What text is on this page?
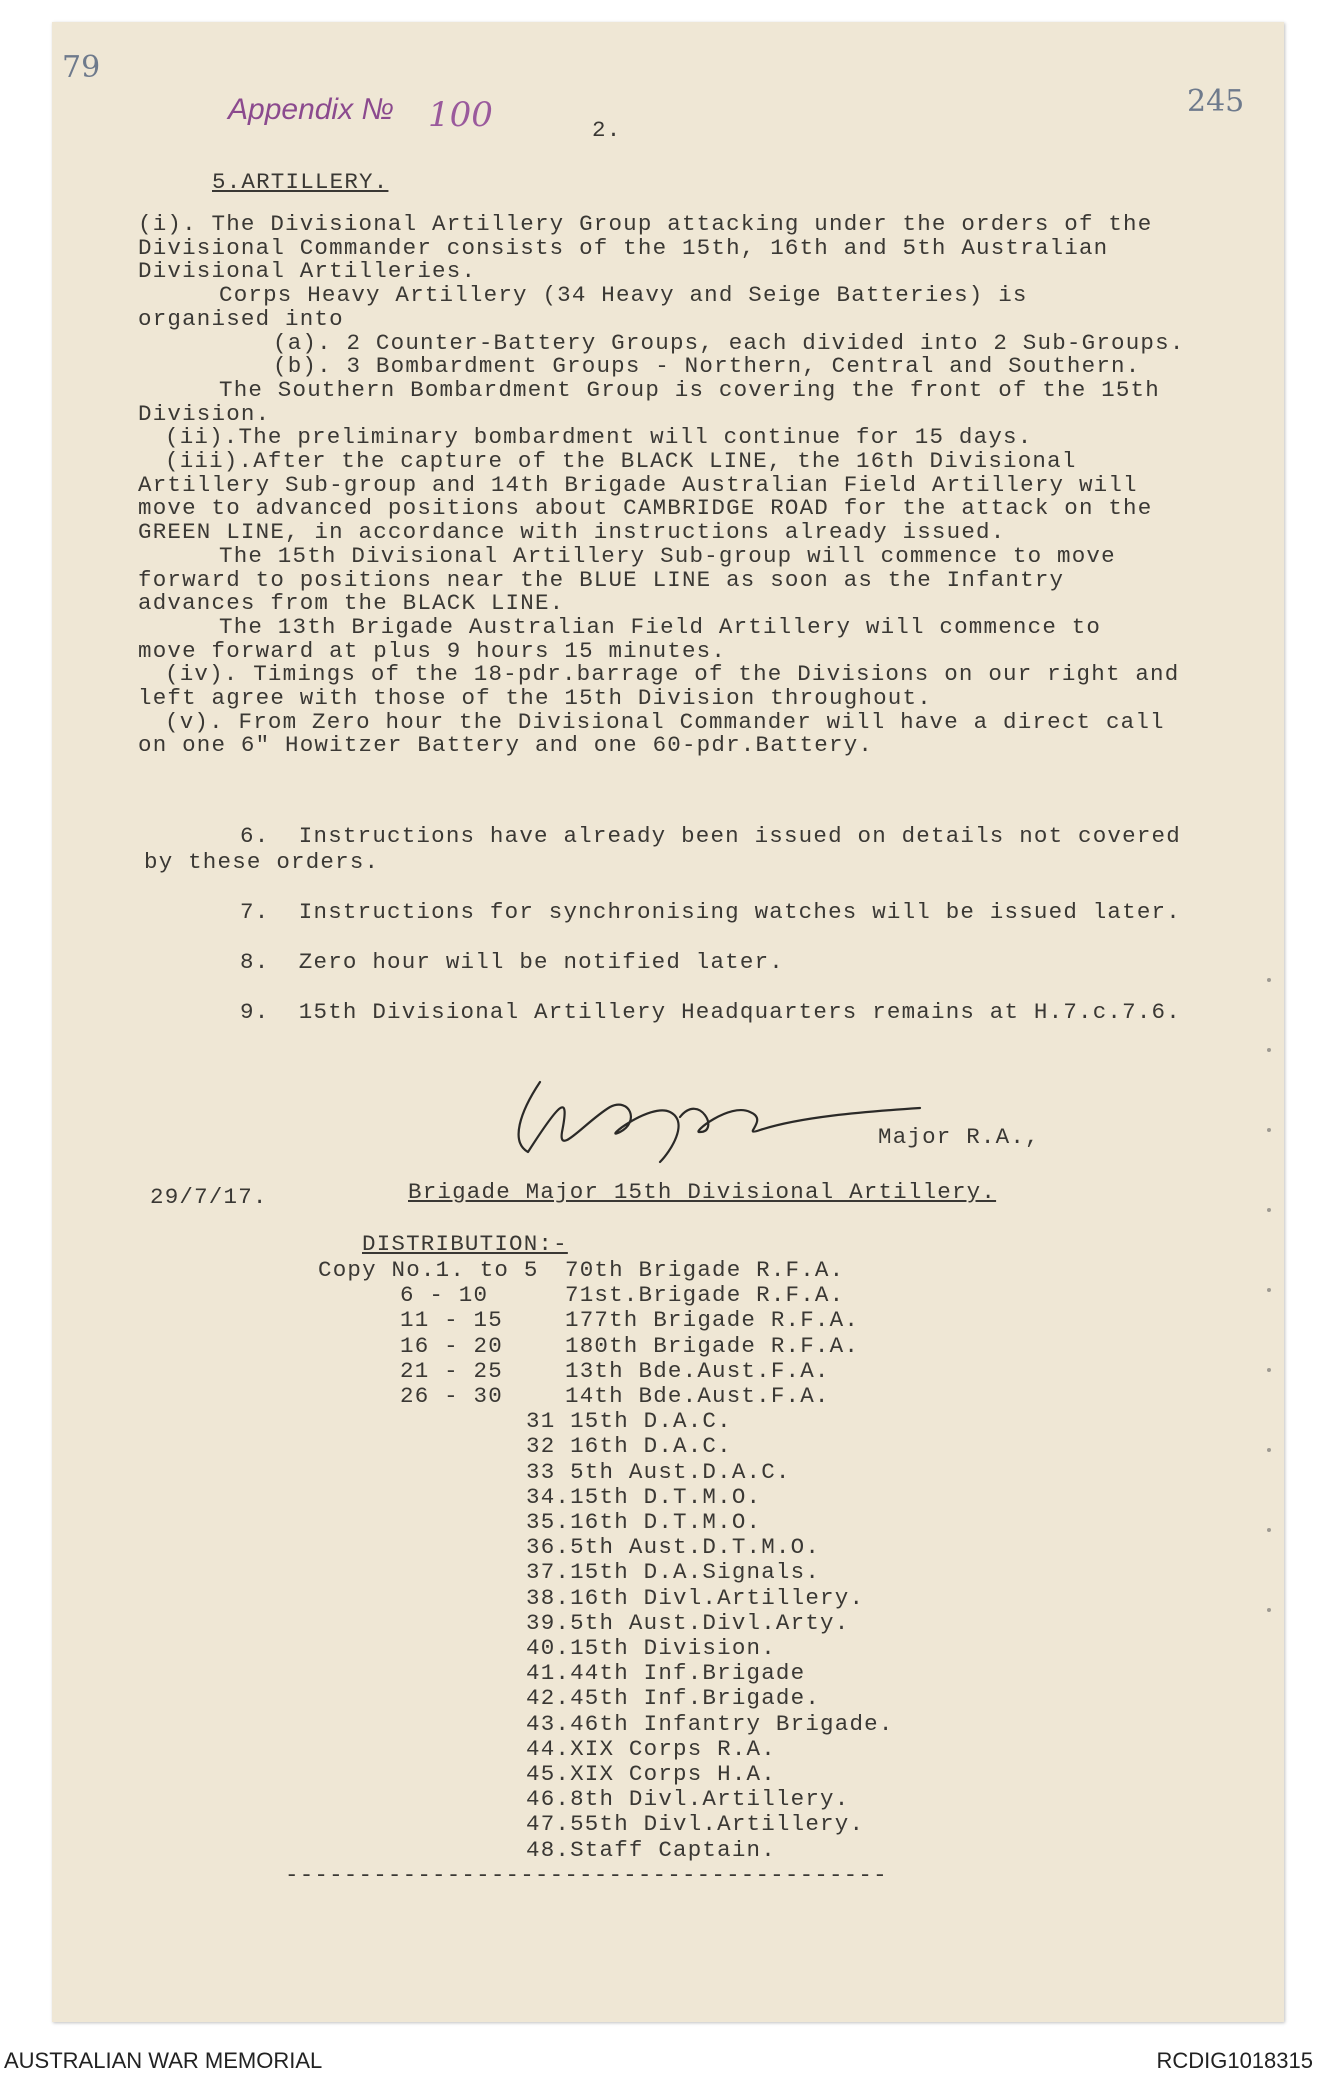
79
245
Appendix № 100	2.
5.ARTILLERY.
(i). The Divisional Artillery Group attacking under the orders of the
Divisional Commander consists of the 15th, 16th and 5th Australian
Divisional Artilleries.
Corps Heavy Artillery (34 Heavy and Seige Batteries) is
organised into
(a). 2 Counter-Battery Groups, each divided into 2 Sub-Groups.
(b). 3 Bombardment Groups - Northern, Central and Southern.
The Southern Bombardment Group is covering the front of the 15th
Division.
(ii).The preliminary bombardment will continue for 15 days.
(iii).After the capture of the BLACK LINE, the 16th Divisional
Artillery Sub-group and 14th Brigade Australian Field Artillery will
move to advanced positions about CAMBRIDGE ROAD for the attack on the
GREEN LINE, in accordance with instructions already issued.
The 15th Divisional Artillery Sub-group will commence to move
forward to positions near the BLUE LINE as soon as the Infantry
advances from the BLACK LINE.
The 13th Brigade Australian Field Artillery will commence to
move forward at plus 9 hours 15 minutes.
(iv). Timings of the 18-pdr.barrage of the Divisions on our right and
left agree with those of the 15th Division throughout.
(v). From Zero hour the Divisional Commander will have a direct call
on one 6" Howitzer Battery and one 60-pdr.Battery.
6.  Instructions have already been issued on details not covered
by these orders.
7.  Instructions for synchronising watches will be issued later.
8.  Zero hour will be notified later.
9.  15th Divisional Artillery Headquarters remains at H.7.c.7.6.
Major R.A.,
29/7/17.	Brigade Major 15th Divisional Artillery.
DISTRIBUTION:-
Copy No.1. to 5 70th Brigade R.F.A.
6 - 10	71st.Brigade R.F.A.
11 - 15	177th Brigade R.F.A.
16 - 20	180th Brigade R.F.A.
21 - 25	13th Bde.Aust.F.A.
26 - 30	14th Bde.Aust.F.A.
31 15th D.A.C.
32 16th D.A.C.
33 5th Aust.D.A.C.
34.15th D.T.M.O.
35.16th D.T.M.O.
36.5th Aust.D.T.M.O.
37.15th D.A.Signals.
38.16th Divl.Artillery.
39.5th Aust.Divl.Arty.
40.15th Division.
41.44th Inf.Brigade
42.45th Inf.Brigade.
43.46th Infantry Brigade.
44.XIX Corps R.A.
45.XIX Corps H.A.
46.8th Divl.Artillery.
47.55th Divl.Artillery.
48.Staff Captain.
-----------------------------------------
AUSTRALIAN WAR MEMORIAL	RCDIG1018315
